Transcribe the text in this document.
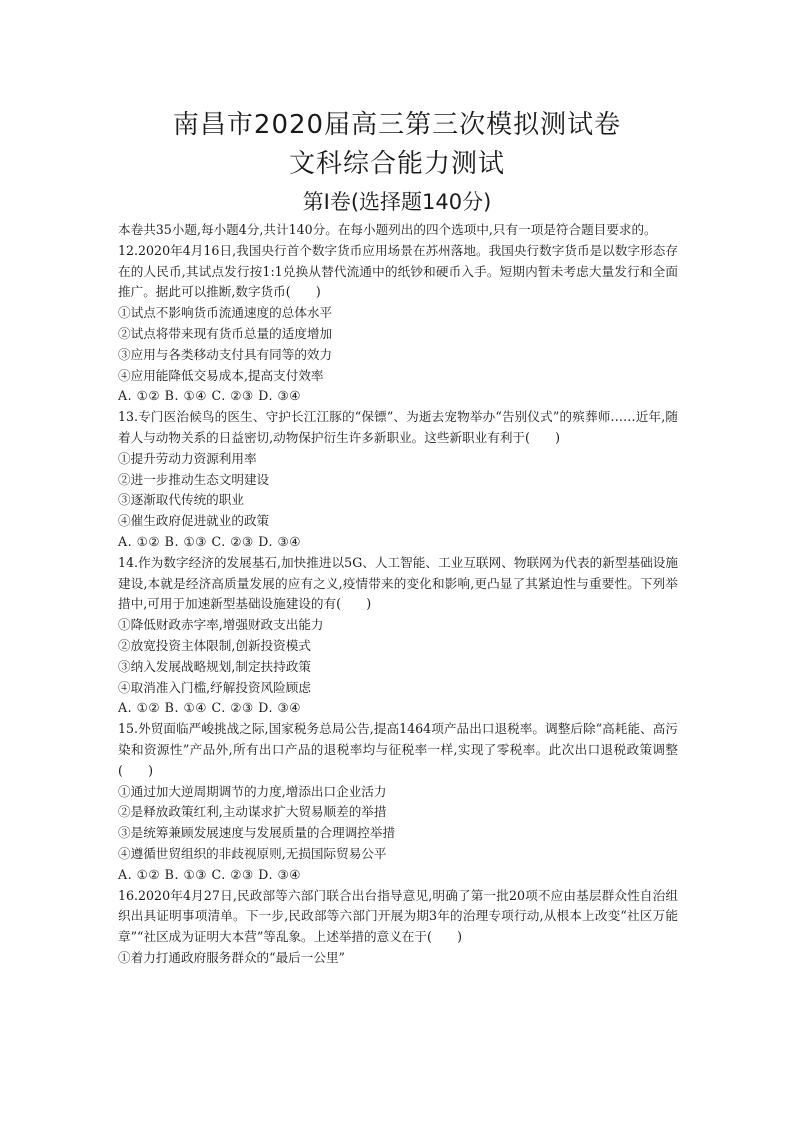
南昌市2020届高三第三次模拟测试卷
文科综合能力测试
第Ⅰ卷(选择题140分)

本卷共35小题,每小题4分,共计140分。在每小题列出的四个选项中,只有一项是符合题目要求的。

12.2020年4月16日,我国央行首个数字货币应用场景在苏州落地。我国央行数字货币是以数字形态存在的人民币,其试点发行按1:1兑换从替代流通中的纸钞和硬币入手。短期内暂未考虑大量发行和全面推广。据此可以推断,数字货币(　　)

①试点不影响货币流通速度的总体水平

②试点将带来现有货币总量的适度增加

③应用与各类移动支付具有同等的效力

④应用能降低交易成本,提高支付效率

A. ①② B. ①④ C. ②③ D. ③④

13.专门医治候鸟的医生、守护长江江豚的“保镖”、为逝去宠物举办“告别仪式”的殡葬师……近年,随着人与动物关系的日益密切,动物保护衍生许多新职业。这些新职业有利于(　　)

①提升劳动力资源利用率

②进一步推动生态文明建设

③逐渐取代传统的职业

④催生政府促进就业的政策

A. ①② B. ①③ C. ②③ D. ③④

14.作为数字经济的发展基石,加快推进以5G、人工智能、工业互联网、物联网为代表的新型基础设施建设,本就是经济高质量发展的应有之义,疫情带来的变化和影响,更凸显了其紧迫性与重要性。下列举措中,可用于加速新型基础设施建设的有(　　)

①降低财政赤字率,增强财政支出能力

②放宽投资主体限制,创新投资模式

③纳入发展战略规划,制定扶持政策

④取消准入门槛,纾解投资风险顾虑

A. ①② B. ①④ C. ②③ D. ③④

15.外贸面临严峻挑战之际,国家税务总局公告,提高1464项产品出口退税率。调整后除“高耗能、高污染和资源性”产品外,所有出口产品的退税率均与征税率一样,实现了零税率。此次出口退税政策调整(　　)

①通过加大逆周期调节的力度,增添出口企业活力

②是释放政策红利,主动谋求扩大贸易顺差的举措

③是统筹兼顾发展速度与发展质量的合理调控举措

④遵循世贸组织的非歧视原则,无损国际贸易公平

A. ①② B. ①③ C. ②③ D. ③④

16.2020年4月27日,民政部等六部门联合出台指导意见,明确了第一批20项不应由基层群众性自治组织出具证明事项清单。下一步,民政部等六部门开展为期3年的治理专项行动,从根本上改变“社区万能章”“社区成为证明大本营”等乱象。上述举措的意义在于(　　)

①着力打通政府服务群众的“最后一公里”
